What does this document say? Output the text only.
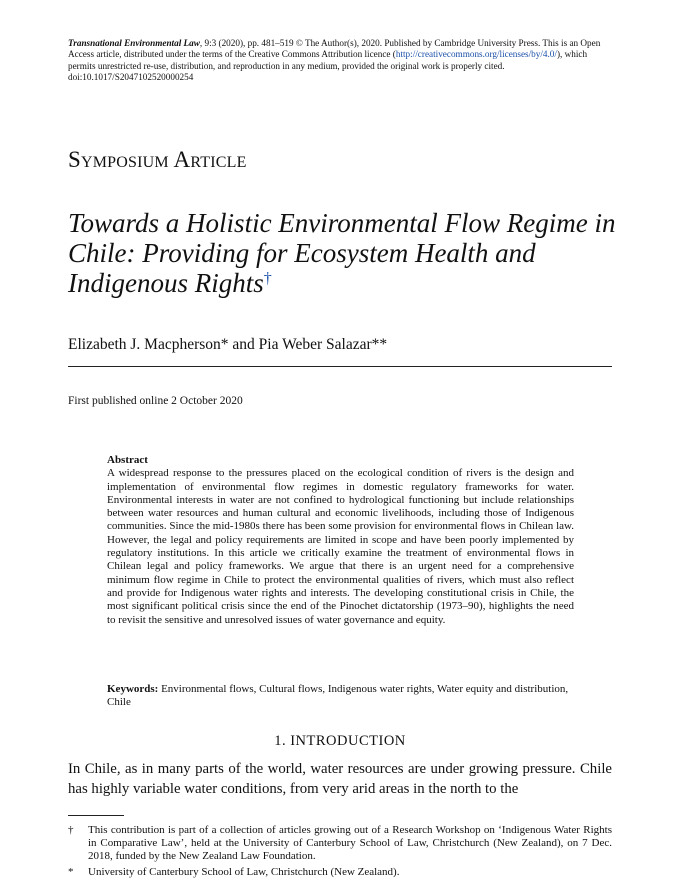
Transnational Environmental Law, 9:3 (2020), pp. 481–519 © The Author(s), 2020. Published by Cambridge University Press. This is an Open Access article, distributed under the terms of the Creative Commons Attribution licence (http://creativecommons.org/licenses/by/4.0/), which permits unrestricted re-use, distribution, and reproduction in any medium, provided the original work is properly cited.
doi:10.1017/S2047102520000254
Symposium Article
Towards a Holistic Environmental Flow Regime in Chile: Providing for Ecosystem Health and Indigenous Rights†
Elizabeth J. Macpherson* and Pia Weber Salazar**
First published online 2 October 2020
Abstract
A widespread response to the pressures placed on the ecological condition of rivers is the design and implementation of environmental flow regimes in domestic regulatory frameworks for water. Environmental interests in water are not confined to hydrological functioning but include relationships between water resources and human cultural and economic livelihoods, including those of Indigenous communities. Since the mid-1980s there has been some provision for environmental flows in Chilean law. However, the legal and policy requirements are limited in scope and have been poorly implemented by regulatory institutions. In this article we critically examine the treatment of environmental flows in Chilean legal and policy frameworks. We argue that there is an urgent need for a comprehensive minimum flow regime in Chile to protect the environmental qualities of rivers, which must also reflect and provide for Indigenous water rights and interests. The developing constitutional crisis in Chile, the most significant political crisis since the end of the Pinochet dictatorship (1973–90), highlights the need to revisit the sensitive and unresolved issues of water governance and equity.
Keywords: Environmental flows, Cultural flows, Indigenous water rights, Water equity and distribution, Chile
1. INTRODUCTION
In Chile, as in many parts of the world, water resources are under growing pressure. Chile has highly variable water conditions, from very arid areas in the north to the
†	This contribution is part of a collection of articles growing out of a Research Workshop on ‘Indigenous Water Rights in Comparative Law’, held at the University of Canterbury School of Law, Christchurch (New Zealand), on 7 Dec. 2018, funded by the New Zealand Law Foundation.
*	University of Canterbury School of Law, Christchurch (New Zealand).
